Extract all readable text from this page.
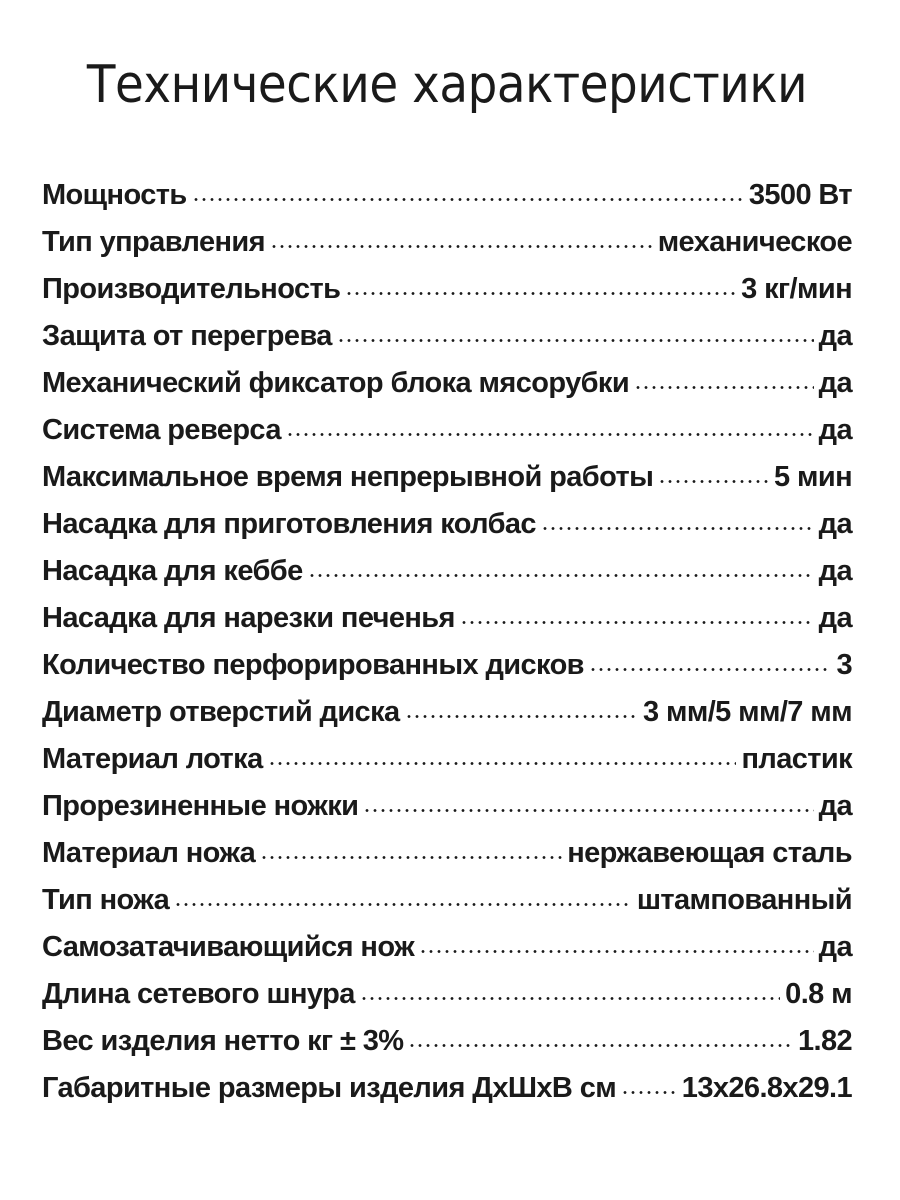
Технические характеристики
Мощность	3500 Вт
Тип управления	механическое
Производительность	3 кг/мин
Защита от перегрева	да
Механический фиксатор блока мясорубки	да
Система реверса	да
Максимальное время непрерывной работы	5 мин
Насадка для приготовления колбас	да
Насадка для кеббе	да
Насадка для нарезки печенья	да
Количество перфорированных дисков	3
Диаметр отверстий диска	3 мм/5 мм/7 мм
Материал лотка	пластик
Прорезиненные ножки	да
Материал ножа	нержавеющая сталь
Тип ножа	штампованный
Самозатачивающийся нож	да
Длина сетевого шнура	0.8 м
Вес изделия нетто кг ± 3%	1.82
Габаритные размеры изделия ДхШхВ см 13x26.8x29.1
